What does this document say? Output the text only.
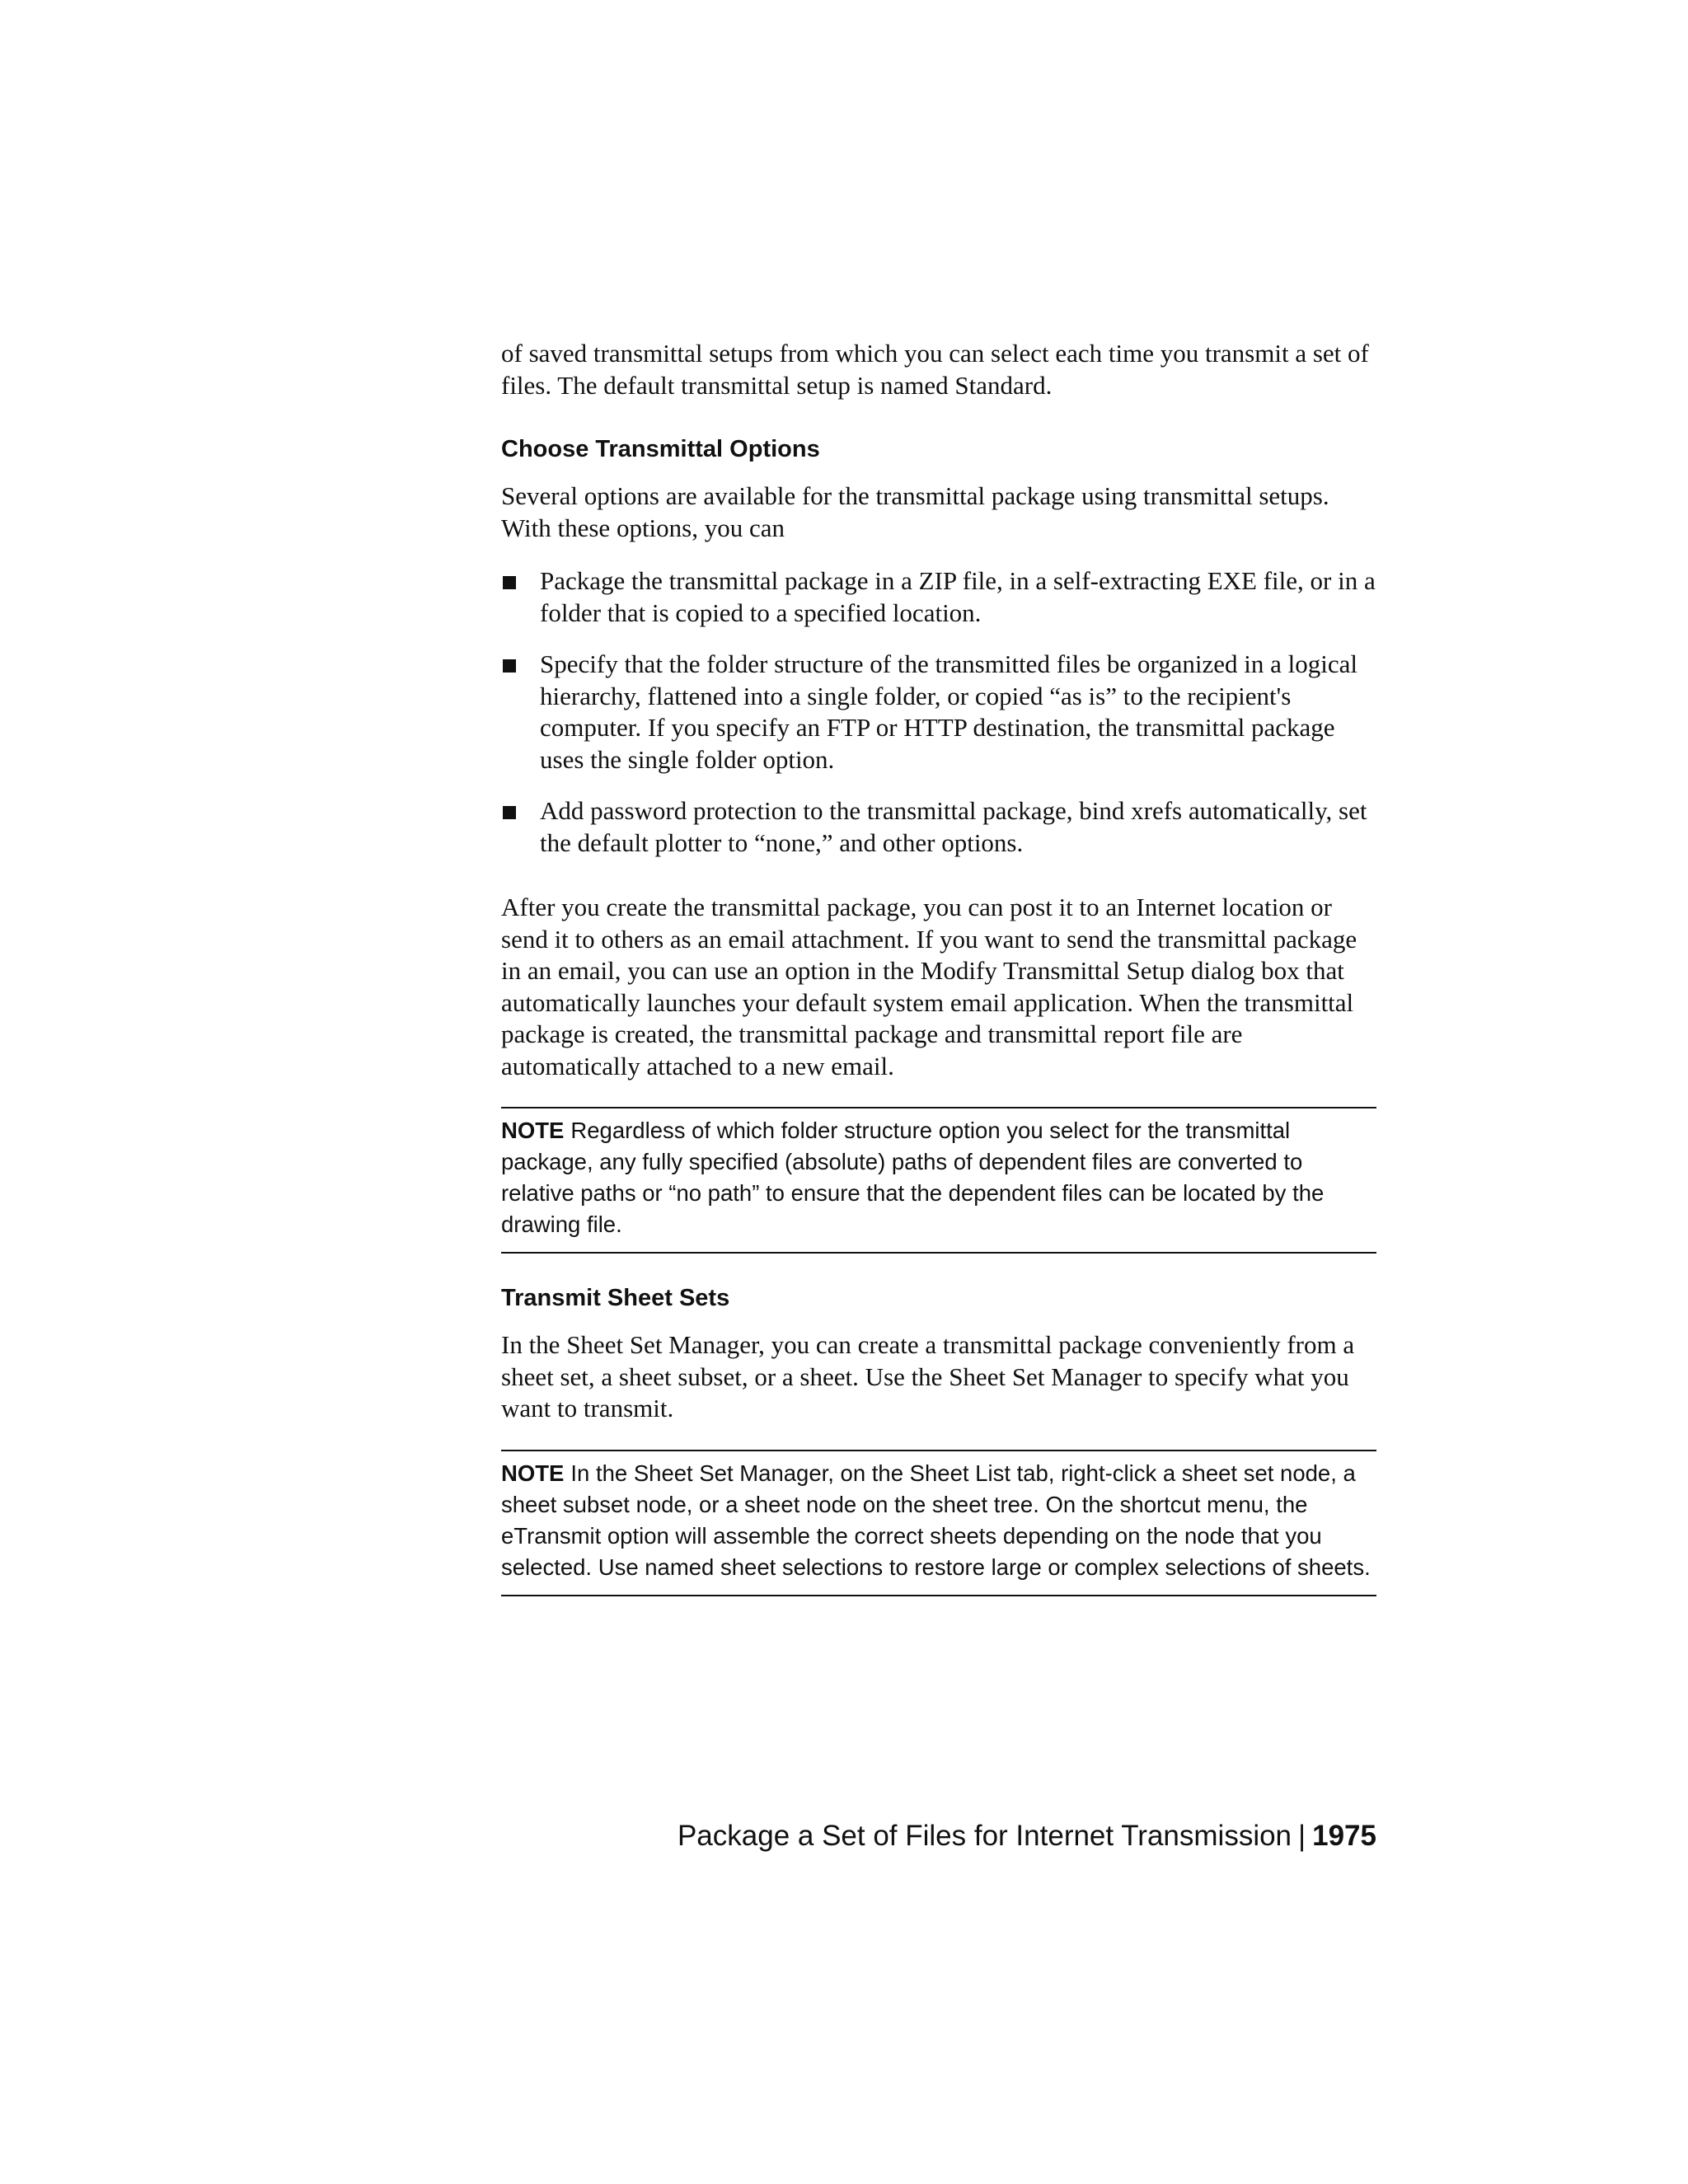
of saved transmittal setups from which you can select each time you transmit a set of files. The default transmittal setup is named Standard.

Choose Transmittal Options

Several options are available for the transmittal package using transmittal setups. With these options, you can

Package the transmittal package in a ZIP file, in a self-extracting EXE file, or in a folder that is copied to a specified location.
Specify that the folder structure of the transmitted files be organized in a logical hierarchy, flattened into a single folder, or copied “as is” to the recipient's computer. If you specify an FTP or HTTP destination, the transmittal package uses the single folder option.
Add password protection to the transmittal package, bind xrefs automatically, set the default plotter to “none,” and other options.

After you create the transmittal package, you can post it to an Internet location or send it to others as an email attachment. If you want to send the transmittal package in an email, you can use an option in the Modify Transmittal Setup dialog box that automatically launches your default system email application. When the transmittal package is created, the transmittal package and transmittal report file are automatically attached to a new email.

NOTE Regardless of which folder structure option you select for the transmittal package, any fully specified (absolute) paths of dependent files are converted to relative paths or “no path” to ensure that the dependent files can be located by the drawing file.
Transmit Sheet Sets

In the Sheet Set Manager, you can create a transmittal package conveniently from a sheet set, a sheet subset, or a sheet. Use the Sheet Set Manager to specify what you want to transmit.

NOTE In the Sheet Set Manager, on the Sheet List tab, right-click a sheet set node, a sheet subset node, or a sheet node on the sheet tree. On the shortcut menu, the eTransmit option will assemble the correct sheets depending on the node that you selected. Use named sheet selections to restore large or complex selections of sheets.
Package a Set of Files for Internet Transmission | 1975
